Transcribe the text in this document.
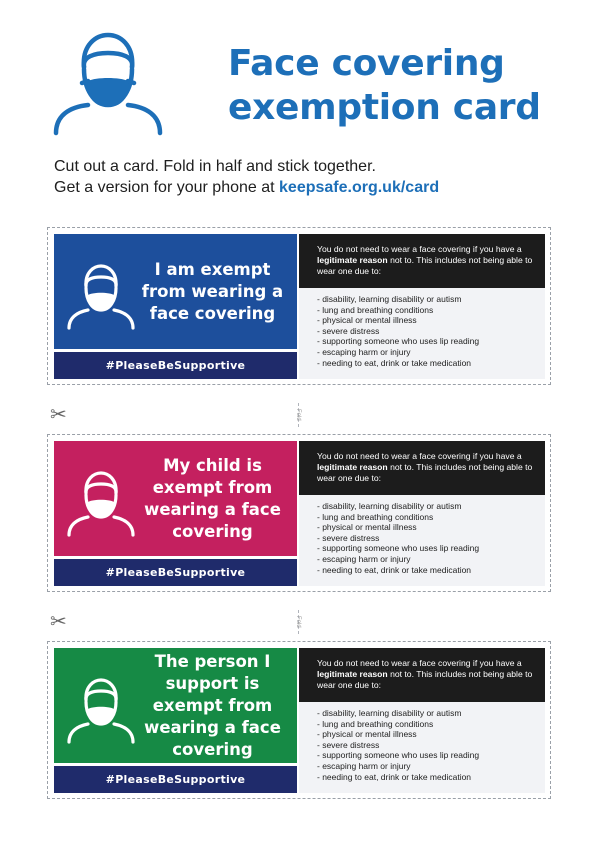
Face covering
exemption card
Cut out a card. Fold in half and stick together.
Get a version for your phone at keepsafe.org.uk/card
I am exempt from wearing a face covering
#PleaseBeSupportive
You do not need to wear a face covering if you have a legitimate reason not to. This includes not being able to wear one due to:
- disability, learning disability or autism
- lung and breathing conditions
- physical or mental illness
- severe distress
- supporting someone who uses lip reading
- escaping harm or injury
- needing to eat, drink or take medication
My child is exempt from wearing a face covering
#PleaseBeSupportive
You do not need to wear a face covering if you have a legitimate reason not to. This includes not being able to wear one due to:
- disability, learning disability or autism
- lung and breathing conditions
- physical or mental illness
- severe distress
- supporting someone who uses lip reading
- escaping harm or injury
- needing to eat, drink or take medication
The person I support is exempt from wearing a face covering
#PleaseBeSupportive
You do not need to wear a face covering if you have a legitimate reason not to. This includes not being able to wear one due to:
- disability, learning disability or autism
- lung and breathing conditions
- physical or mental illness
- severe distress
- supporting someone who uses lip reading
- escaping harm or injury
- needing to eat, drink or take medication
✂	Fold
✂	Fold
